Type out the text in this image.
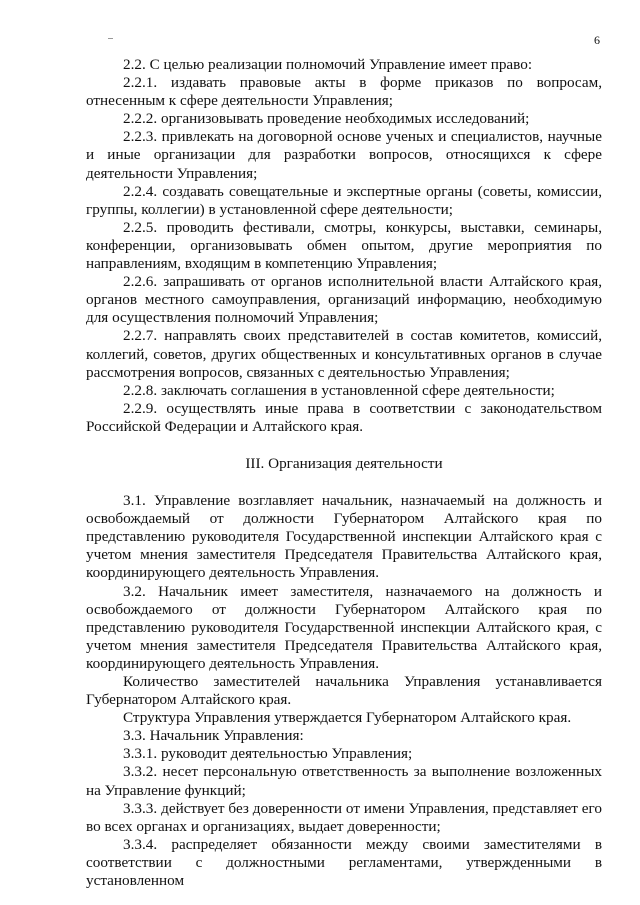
6

2.2. С целью реализации полномочий Управление имеет право:

2.2.1. издавать правовые акты в форме приказов по вопросам, отнесенным к сфере деятельности Управления;

2.2.2. организовывать проведение необходимых исследований;

2.2.3. привлекать на договорной основе ученых и специалистов, научные и иные организации для разработки вопросов, относящихся к сфере деятельности Управления;

2.2.4. создавать совещательные и экспертные органы (советы, комиссии, группы, коллегии) в установленной сфере деятельности;

2.2.5. проводить фестивали, смотры, конкурсы, выставки, семинары, конференции, организовывать обмен опытом, другие мероприятия по направлениям, входящим в компетенцию Управления;

2.2.6. запрашивать от органов исполнительной власти Алтайского края, органов местного самоуправления, организаций информацию, необходимую для осуществления полномочий Управления;

2.2.7. направлять своих представителей в состав комитетов, комиссий, коллегий, советов, других общественных и консультативных органов в случае рассмотрения вопросов, связанных с деятельностью Управления;

2.2.8. заключать соглашения в установленной сфере деятельности;

2.2.9. осуществлять иные права в соответствии с законодательством Российской Федерации и Алтайского края.

III. Организация деятельности

3.1. Управление возглавляет начальник, назначаемый на должность и освобождаемый от должности Губернатором Алтайского края по представлению руководителя Государственной инспекции Алтайского края с учетом мнения заместителя Председателя Правительства Алтайского края, координирующего деятельность Управления.

3.2. Начальник имеет заместителя, назначаемого на должность и освобождаемого от должности Губернатором Алтайского края по представлению руководителя Государственной инспекции Алтайского края, с учетом мнения заместителя Председателя Правительства Алтайского края, координирующего деятельность Управления.

Количество заместителей начальника Управления устанавливается Губернатором Алтайского края.

Структура Управления утверждается Губернатором Алтайского края.

3.3. Начальник Управления:

3.3.1. руководит деятельностью Управления;

3.3.2. несет персональную ответственность за выполнение возложенных на Управление функций;

3.3.3. действует без доверенности от имени Управления, представляет его во всех органах и организациях, выдает доверенности;

3.3.4. распределяет обязанности между своими заместителями в соответствии с должностными регламентами, утвержденными в установленном
